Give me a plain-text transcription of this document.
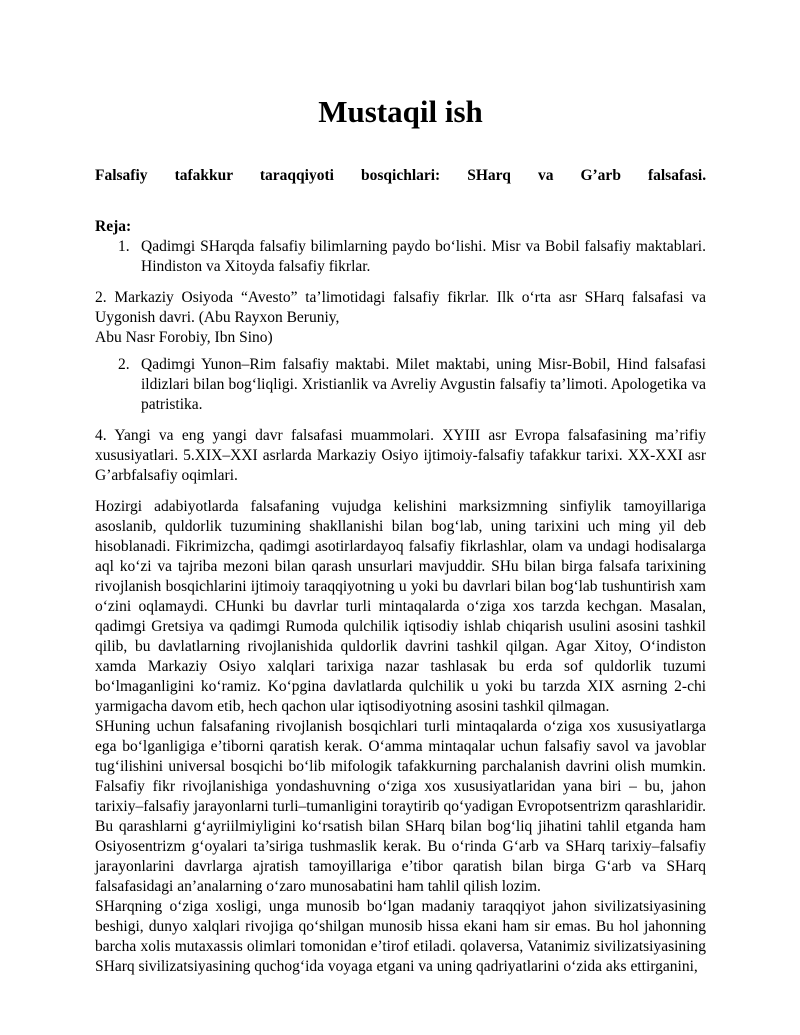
Mustaqil ish
Falsafiy tafakkur taraqqiyoti bosqichlari: SHarq va G’arb falsafasi.
Reja:
1. Qadimgi SHarqda falsafiy bilimlarning paydo bo‘lishi. Misr va Bobil falsafiy maktablari. Hindiston va Xitoyda falsafiy fikrlar.

2. Markaziy Osiyoda “Avesto” ta’limotidagi falsafiy fikrlar. Ilk o‘rta asr SHarq falsafasi va Uygonish davri. (Abu Rayxon Beruniy,

Abu Nasr Forobiy, Ibn Sino)

2. Qadimgi Yunon–Rim falsafiy maktabi. Milet maktabi, uning Misr-Bobil, Hind falsafasi ildizlari bilan bog‘liqligi. Xristianlik va Avreliy Avgustin falsafiy ta’limoti. Apologetika va patristika.

4. Yangi va eng yangi davr falsafasi muammolari. XYIII asr Evropa falsafasining ma’rifiy xususiyatlari. 5.XIX–XXI asrlarda Markaziy Osiyo ijtimoiy-falsafiy tafakkur tarixi. XX-XXI asr G’arbfalsafiy oqimlari.

Hozirgi adabiyotlarda falsafaning vujudga kelishini marksizmning sinfiylik tamoyillariga asoslanib, quldorlik tuzumining shakllanishi bilan bog‘lab, uning tarixini uch ming yil deb hisoblanadi. Fikrimizcha, qadimgi asotirlardayoq falsafiy fikrlashlar, olam va undagi hodisalarga aql ko‘zi va tajriba mezoni bilan qarash unsurlari mavjuddir. SHu bilan birga falsafa tarixining rivojlanish bosqichlarini ijtimoiy taraqqiyotning u yoki bu davrlari bilan bog‘lab tushuntirish xam o‘zini oqlamaydi. CHunki bu davrlar turli mintaqalarda o‘ziga xos tarzda kechgan. Masalan, qadimgi Gretsiya va qadimgi Rumoda qulchilik iqtisodiy ishlab chiqarish usulini asosini tashkil qilib, bu davlatlarning rivojlanishida quldorlik davrini tashkil qilgan. Agar Xitoy, O‘indiston xamda Markaziy Osiyo xalqlari tarixiga nazar tashlasak bu erda sof quldorlik tuzumi bo‘lmaganligini ko‘ramiz. Ko‘pgina davlatlarda qulchilik u yoki bu tarzda XIX asrning 2-chi yarmigacha davom etib, hech qachon ular iqtisodiyotning asosini tashkil qilmagan.

SHuning uchun falsafaning rivojlanish bosqichlari turli mintaqalarda o‘ziga xos xususiyatlarga ega bo‘lganligiga e’tiborni qaratish kerak. O‘amma mintaqalar uchun falsafiy savol va javoblar tug‘ilishini universal bosqichi bo‘lib mifologik tafakkurning parchalanish davrini olish mumkin. Falsafiy fikr rivojlanishiga yondashuvning o‘ziga xos xususiyatlaridan yana biri – bu, jahon tarixiy–falsafiy jarayonlarni turli–tumanligini toraytirib qo‘yadigan Evropotsentrizm qarashlaridir. Bu qarashlarni g‘ayriilmiyligini ko‘rsatish bilan SHarq bilan bog‘liq jihatini tahlil etganda ham Osiyosentrizm g‘oyalari ta’siriga tushmaslik kerak. Bu o‘rinda G‘arb va SHarq tarixiy–falsafiy jarayonlarini davrlarga ajratish tamoyillariga e’tibor qaratish bilan birga G‘arb va SHarq falsafasidagi an’analarning o‘zaro munosabatini ham tahlil qilish lozim.

SHarqning o‘ziga xosligi, unga munosib bo‘lgan madaniy taraqqiyot jahon sivilizatsiyasining beshigi, dunyo xalqlari rivojiga qo‘shilgan munosib hissa ekani ham sir emas. Bu hol jahonning barcha xolis mutaxassis olimlari tomonidan e’tirof etiladi. qolaversa, Vatanimiz sivilizatsiyasining SHarq sivilizatsiyasining quchog‘ida voyaga etgani va uning qadriyatlarini o‘zida aks ettirganini,
